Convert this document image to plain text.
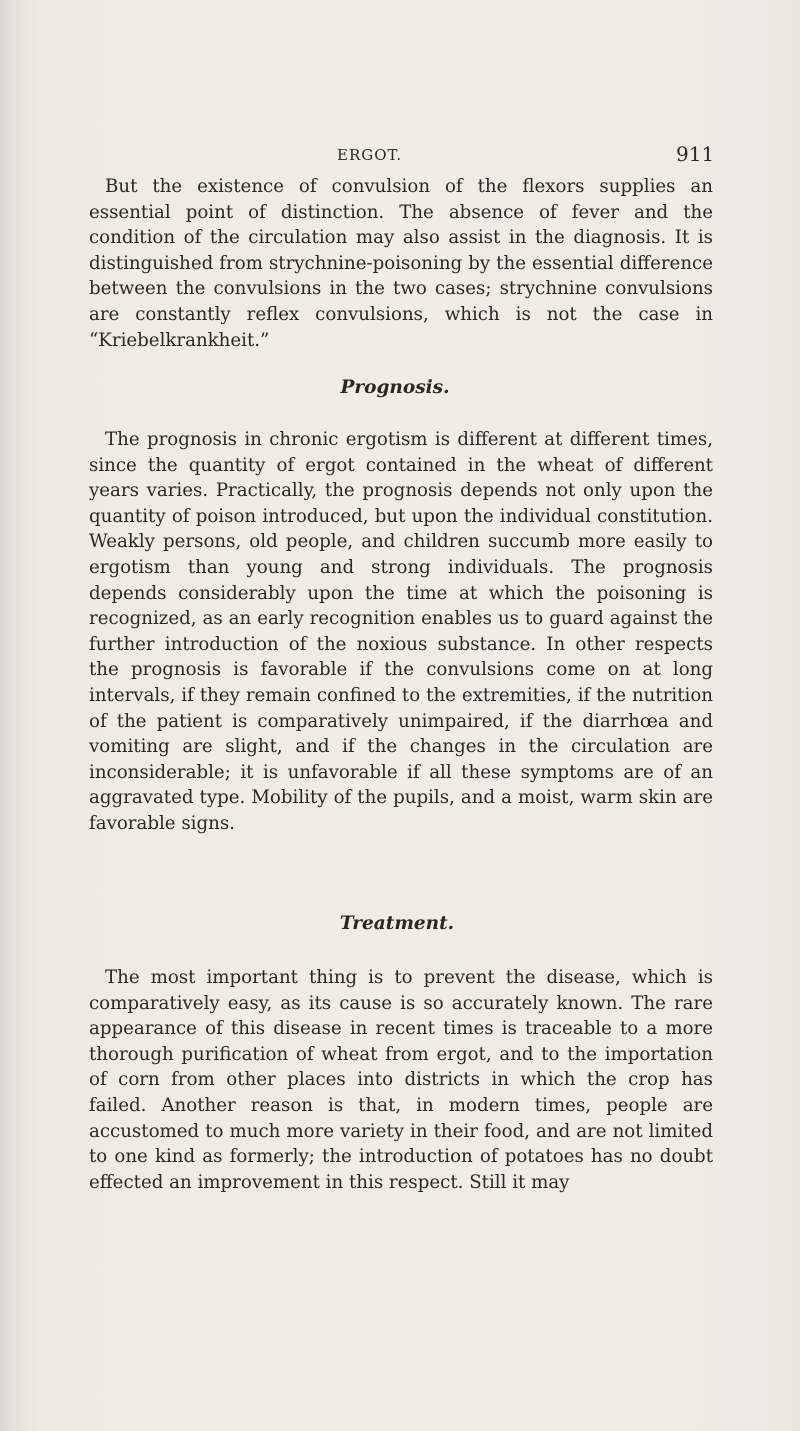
ERGOT.	911

But the existence of convulsion of the flexors supplies an essential point of distinction. The absence of fever and the condition of the circulation may also assist in the diagnosis. It is distinguished from strychnine-poisoning by the essential difference between the convulsions in the two cases; strychnine convulsions are constantly reflex convulsions, which is not the case in “Kriebelkrankheit.”

Prognosis.

The prognosis in chronic ergotism is different at different times, since the quantity of ergot contained in the wheat of different years varies. Practically, the prognosis depends not only upon the quantity of poison introduced, but upon the individual constitution. Weakly persons, old people, and children succumb more easily to ergotism than young and strong individuals. The prognosis depends considerably upon the time at which the poisoning is recognized, as an early recognition enables us to guard against the further introduction of the noxious substance. In other respects the prognosis is favorable if the convulsions come on at long intervals, if they remain confined to the extremities, if the nutrition of the patient is comparatively unimpaired, if the diarrhœa and vomiting are slight, and if the changes in the circulation are inconsiderable; it is unfavorable if all these symptoms are of an aggravated type. Mobility of the pupils, and a moist, warm skin are favorable signs.

Treatment.

The most important thing is to prevent the disease, which is comparatively easy, as its cause is so accurately known. The rare appearance of this disease in recent times is traceable to a more thorough purification of wheat from ergot, and to the importation of corn from other places into districts in which the crop has failed. Another reason is that, in modern times, people are accustomed to much more variety in their food, and are not limited to one kind as formerly; the introduction of potatoes has no doubt effected an improvement in this respect. Still it may
